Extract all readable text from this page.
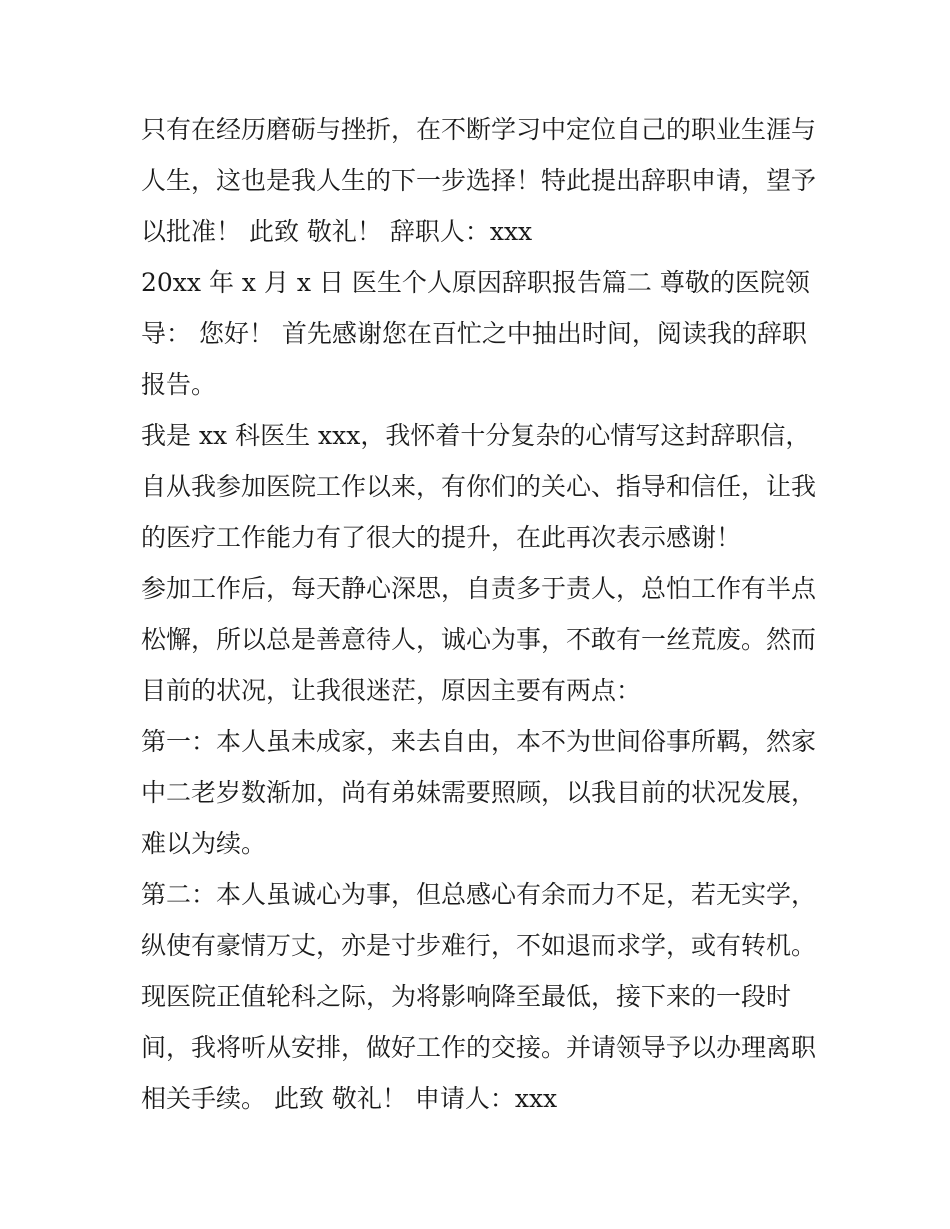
只有在经历磨砺与挫折，在不断学习中定位自己的职业生涯与
人生，这也是我人生的下一步选择！特此提出辞职申请，望予
以批准！ 此致 敬礼！ 辞职人：xxx
20xx 年 x 月 x 日 医生个人原因辞职报告篇二 尊敬的医院领
导： 您好！ 首先感谢您在百忙之中抽出时间，阅读我的辞职
报告。
我是 xx 科医生 xxx，我怀着十分复杂的心情写这封辞职信，
自从我参加医院工作以来，有你们的关心、指导和信任，让我
的医疗工作能力有了很大的提升，在此再次表示感谢！
参加工作后，每天静心深思，自责多于责人，总怕工作有半点
松懈，所以总是善意待人，诚心为事，不敢有一丝荒废。然而
目前的状况，让我很迷茫，原因主要有两点：
第一：本人虽未成家，来去自由，本不为世间俗事所羁，然家
中二老岁数渐加，尚有弟妹需要照顾，以我目前的状况发展，
难以为续。
第二：本人虽诚心为事，但总感心有余而力不足，若无实学，
纵使有豪情万丈，亦是寸步难行，不如退而求学，或有转机。
现医院正值轮科之际，为将影响降至最低，接下来的一段时
间，我将听从安排，做好工作的交接。并请领导予以办理离职
相关手续。 此致 敬礼！ 申请人：xxx
